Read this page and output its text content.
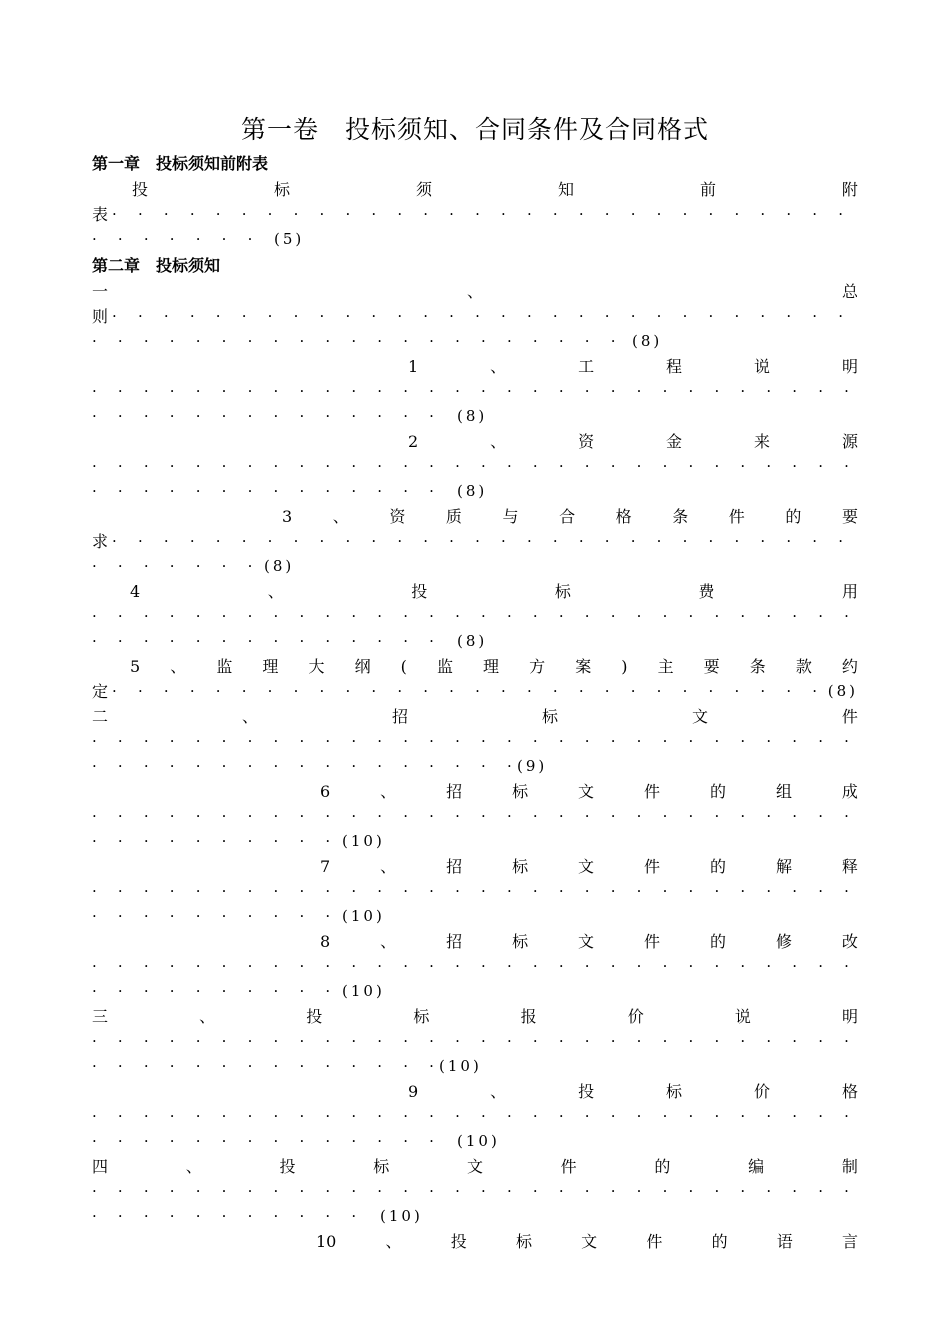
第一卷　投标须知、合同条件及合同格式
第一章　投标须知前附表
投	标	须	知	前	附
表
· · ·
· · ·
(5)
第二章　投标须知
一	、	总
则
· · ·
· · ·
(8)
1	、	工	程	说	明
· · ·
· · ·
(8)
2	、	资	金	来	源
· · ·
· · ·
(8)
3	、	资	质	与	合	格	条	件	的	要
求
· · ·
· · ·
(8)
4	、	投	标	费	用
· · ·
· · ·
(8)
5 、 监 理 大 纲 ( 监 理 方 案 ) 主 要 条 款 约
定
· · ·	(8)
二	、	招	标	文	件
· · ·
· · ·
(9)
6	、	招	标	文	件	的	组	成
· · ·
· · ·
(10)
7	、	招	标	文	件	的	解	释
· · ·
· · ·
(10)
8	、	招	标	文	件	的	修	改
· · ·
· · ·
(10)
三	、	投	标	报	价	说	明
· · ·
· · ·
(10)
9	、	投	标	价	格
· · ·
· · ·
(10)
四	、	投	标	文	件	的	编	制
· · ·
· · ·
(10)
10	、	投	标	文	件	的	语	言
